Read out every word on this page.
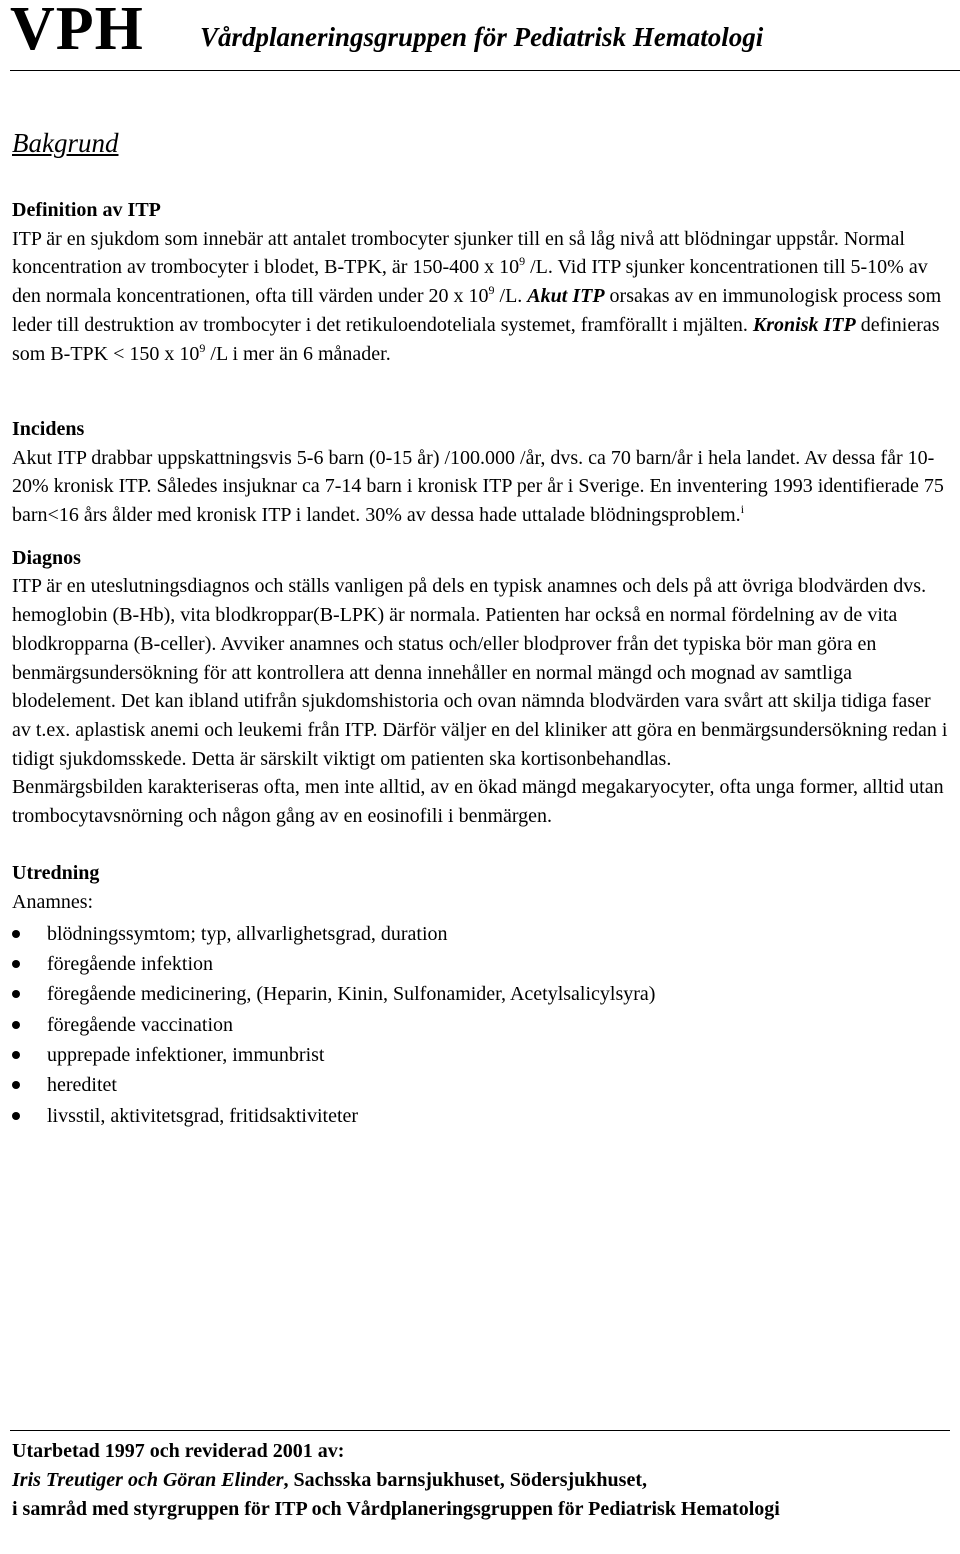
VPH Vårdplaneringsgruppen för Pediatrisk Hematologi
Bakgrund
Definition av ITP

ITP är en sjukdom som innebär att antalet trombocyter sjunker till en så låg nivå att blödningar uppstår. Normal koncentration av trombocyter i blodet, B-TPK, är 150-400 x $10^9$ /L. Vid ITP sjunker koncentrationen till 5-10% av den normala koncentrationen, ofta till värden under 20 x $10^9$ /L. Akut ITP orsakas av en immunologisk process som leder till destruktion av trombocyter i det retikuloendoteliala systemet, framförallt i mjälten. Kronisk ITP definieras som B-TPK < 150 x $10^9$ /L i mer än 6 månader.

Incidens

Akut ITP drabbar uppskattningsvis 5-6 barn (0-15 år) /100.000 /år, dvs. ca 70 barn/år i hela landet. Av dessa får 10-20% kronisk ITP. Således insjuknar ca 7-14 barn i kronisk ITP per år i Sverige. En inventering 1993 identifierade 75 barn<16 års ålder med kronisk ITP i landet. 30% av dessa hade uttalade blödningsproblem.$^i$

Diagnos

ITP är en uteslutningsdiagnos och ställs vanligen på dels en typisk anamnes och dels på att övriga blodvärden dvs. hemoglobin (B-Hb), vita blodkroppar(B-LPK) är normala. Patienten har också en normal fördelning av de vita blodkropparna (B-celler). Avviker anamnes och status och/eller blodprover från det typiska bör man göra en benmärgsundersökning för att kontrollera att denna innehåller en normal mängd och mognad av samtliga blodelement. Det kan ibland utifrån sjukdomshistoria och ovan nämnda blodvärden vara svårt att skilja tidiga faser av t.ex. aplastisk anemi och leukemi från ITP. Därför väljer en del kliniker att göra en benmärgsundersökning redan i tidigt sjukdomsskede. Detta är särskilt viktigt om patienten ska kortisonbehandlas.

Benmärgsbilden karakteriseras ofta, men inte alltid, av en ökad mängd megakaryocyter, ofta unga former, alltid utan trombocytavsnörning och någon gång av en eosinofili i benmärgen.

Utredning

Anamnes:

blödningssymtom; typ, allvarlighetsgrad, duration
föregående infektion
föregående medicinering, (Heparin, Kinin, Sulfonamider, Acetylsalicylsyra)
föregående vaccination
upprepade infektioner, immunbrist
hereditet
livsstil, aktivitetsgrad, fritidsaktiviteter
Utarbetad 1997 och reviderad 2001 av:
Iris Treutiger och Göran Elinder, Sachsska barnsjukhuset, Södersjukhuset,
i samråd med styrgruppen för ITP och Vårdplaneringsgruppen för Pediatrisk Hematologi
